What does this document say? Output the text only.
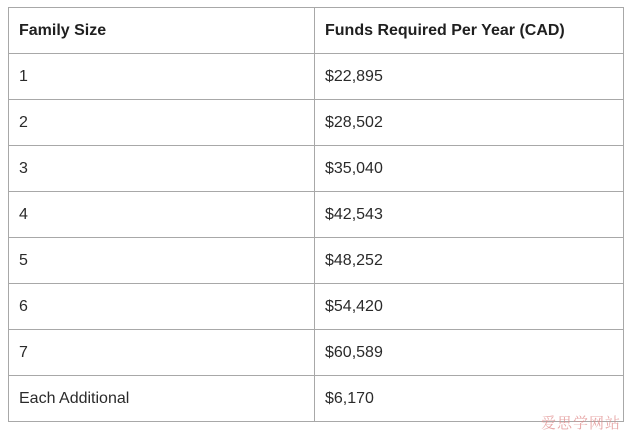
Family Size	Funds Required Per Year (CAD)
1	$22,895
2	$28,502
3	$35,040
4	$42,543
5	$48,252
6	$54,420
7	$60,589
Each Additional	$6,170
爱思学网站
